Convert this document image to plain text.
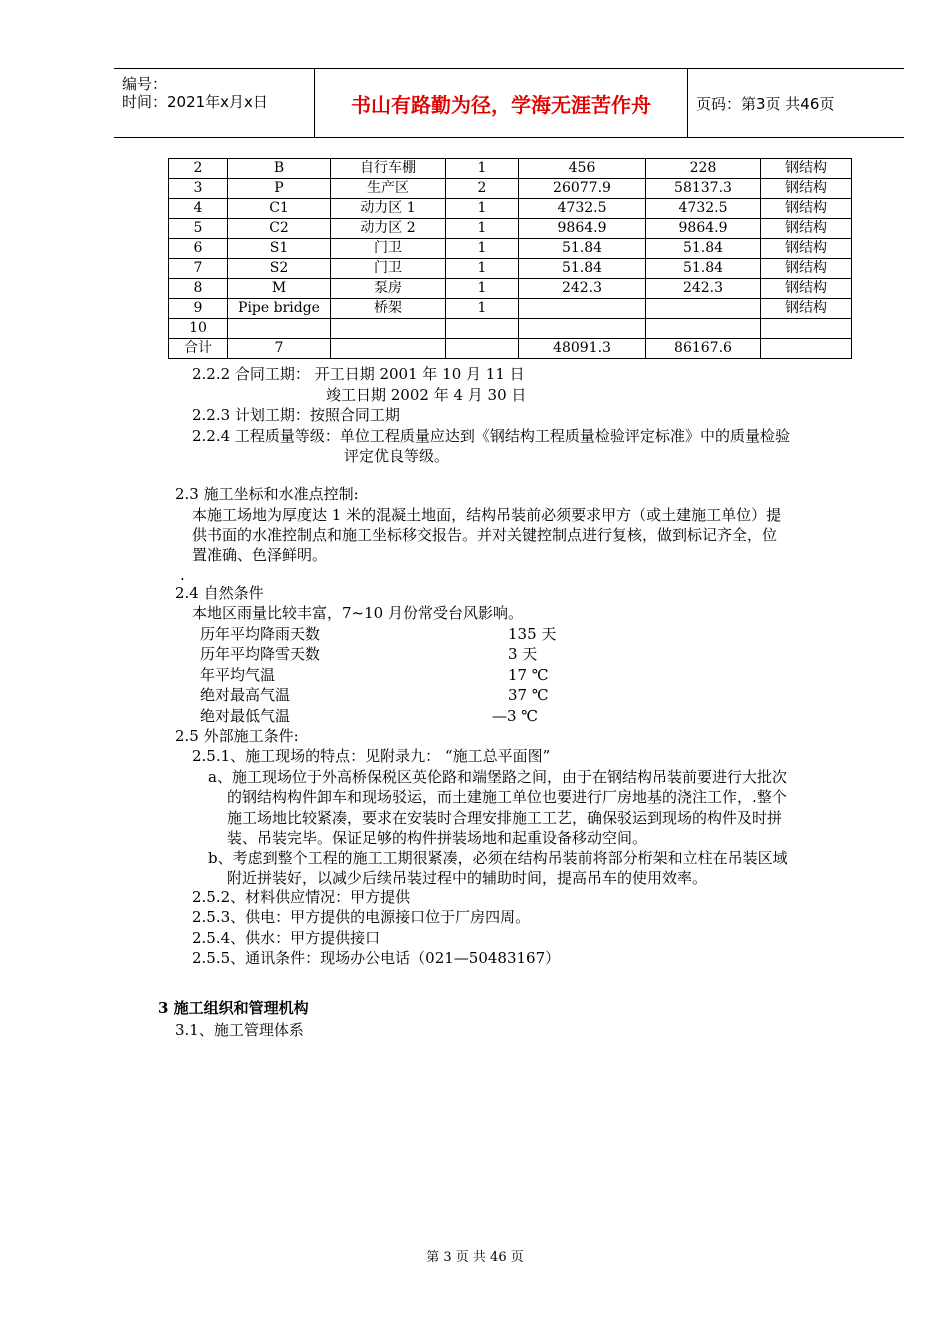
编号：
时间：2021年x月x日	书山有路勤为径，学海无涯苦作舟	页码：第3页 共46页
2	B	自行车棚	1	456	228	钢结构
3	P	生产区	2	26077.9	58137.3	钢结构
4	C1	动力区 1	1	4732.5	4732.5	钢结构
5	C2	动力区 2	1	9864.9	9864.9	钢结构
6	S1	门卫	1	51.84	51.84	钢结构
7	S2	门卫	1	51.84	51.84	钢结构
8	M	泵房	1	242.3	242.3	钢结构
9	Pipe bridge	桥架	1			钢结构
10						
合计	7			48091.3	86167.6	
2.2.2 合同工期： 开工日期 2001 年 10 月 11 日
竣工日期 2002 年 4 月 30 日
2.2.3 计划工期：按照合同工期
2.2.4 工程质量等级：单位工程质量应达到《钢结构工程质量检验评定标准》中的质量检验
评定优良等级。
2.3 施工坐标和水准点控制:
本施工场地为厚度达 1 米的混凝土地面，结构吊装前必须要求甲方（或土建施工单位）提
供书面的水准控制点和施工坐标移交报告。并对关键控制点进行复核，做到标记齐全，位
置准确、色泽鲜明。
.
2.4 自然条件
本地区雨量比较丰富，7~10 月份常受台风影响。
历年平均降雨天数	135 天
历年平均降雪天数	3 天
年平均气温	17 ℃
绝对最高气温	37 ℃
绝对最低气温	—3 ℃
2.5 外部施工条件:
2.5.1、施工现场的特点：见附录九： “施工总平面图”
a、施工现场位于外高桥保税区英伦路和端堡路之间，由于在钢结构吊装前要进行大批次
的钢结构构件卸车和现场驳运，而土建施工单位也要进行厂房地基的浇注工作，.整个
施工场地比较紧凑，要求在安装时合理安排施工工艺，确保驳运到现场的构件及时拼
装、吊装完毕。保证足够的构件拼装场地和起重设备移动空间。
b、考虑到整个工程的施工工期很紧凑，必须在结构吊装前将部分桁架和立柱在吊装区域
附近拼装好，以减少后续吊装过程中的辅助时间，提高吊车的使用效率。
2.5.2、材料供应情况：甲方提供
2.5.3、供电：甲方提供的电源接口位于厂房四周。
2.5.4、供水：甲方提供接口
2.5.5、通讯条件：现场办公电话（021—50483167）
3 施工组织和管理机构
3.1、施工管理体系
第 3 页 共 46 页
